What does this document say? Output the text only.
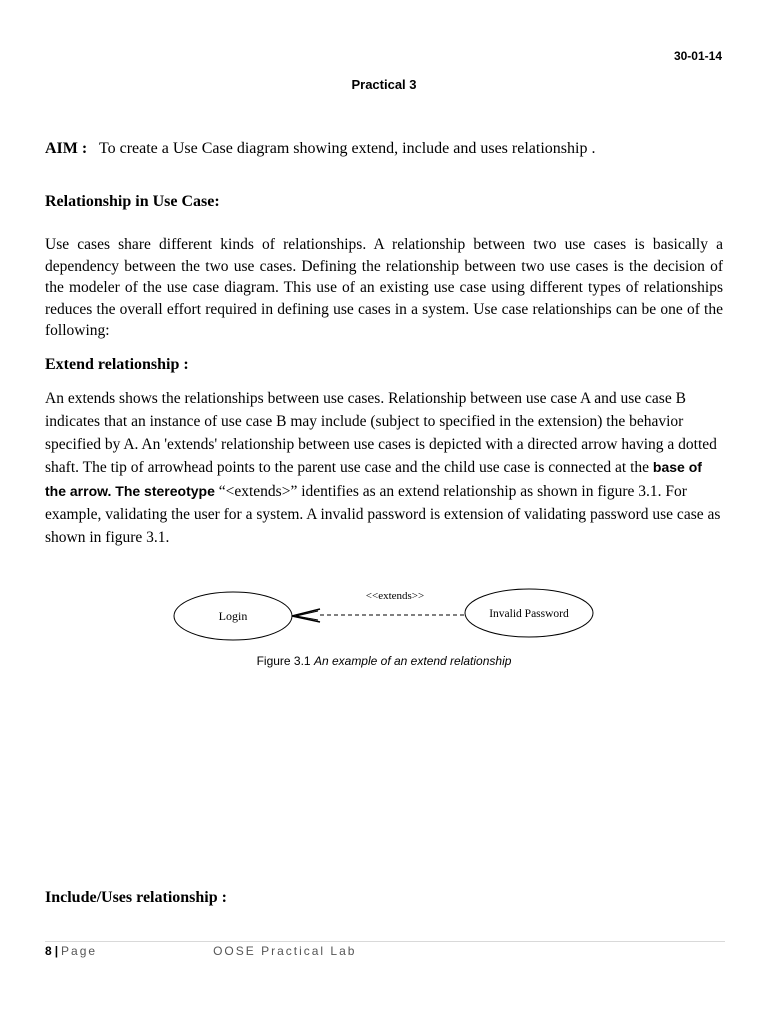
30-01-14
Practical 3
AIM : To create a Use Case diagram showing extend, include and uses relationship .
Relationship in Use Case:

Use cases share different kinds of relationships. A relationship between two use cases is basically a dependency between the two use cases. Defining the relationship between two use cases is the decision of the modeler of the use case diagram. This use of an existing use case using different types of relationships reduces the overall effort required in defining use cases in a system. Use case relationships can be one of the following:

Extend relationship :

An extends shows the relationships between use cases. Relationship between use case A and use case B indicates that an instance of use case B may include (subject to specified in the extension) the behavior specified by A. An 'extends' relationship between use cases is depicted with a directed arrow having a dotted shaft. The tip of arrowhead points to the parent use case and the child use case is connected at the base of the arrow. The stereotype “<extends>” identifies as an extend relationship as shown in figure 3.1. For example, validating the user for a system. A invalid password is extension of validating password use case as shown in figure 3.1.

Login	Invalid Password
<<extends>>
Figure 3.1 An example of an extend relationship
Include/Uses relationship :
8 | Page	OOSE Practical Lab
